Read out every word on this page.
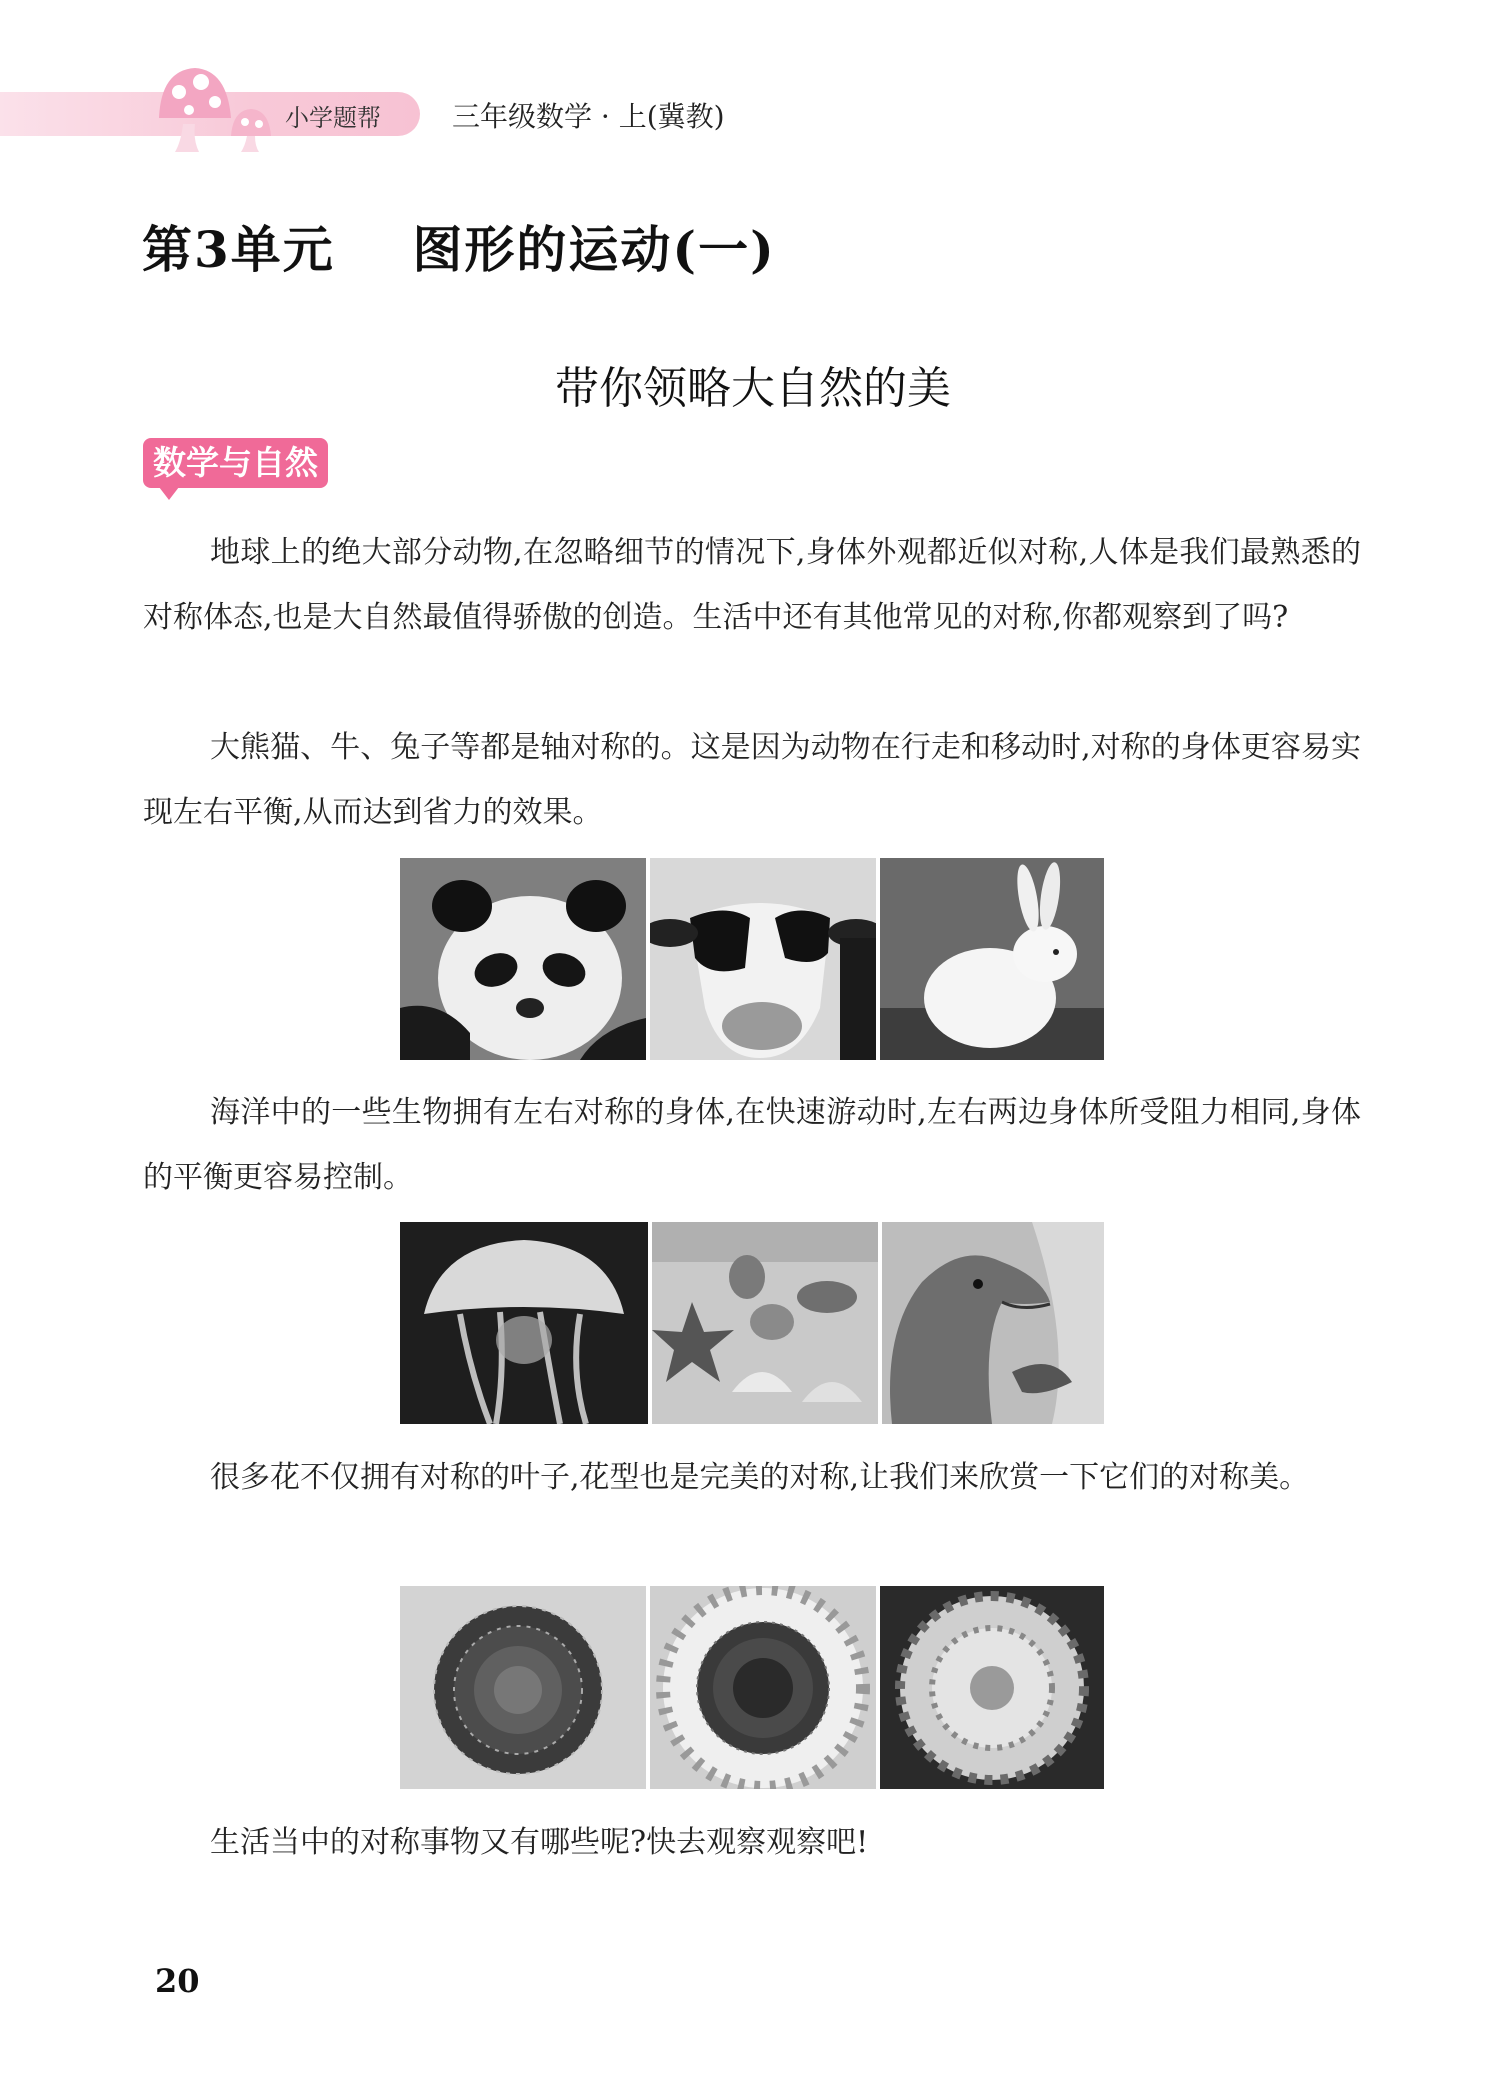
小学题帮	三年级数学 · 上(冀教)
第3单元    图形的运动(一)
带你领略大自然的美
数学与自然

地球上的绝大部分动物,在忽略细节的情况下,身体外观都近似对称,人体是我们最熟悉的对称体态,也是大自然最值得骄傲的创造。生活中还有其他常见的对称,你都观察到了吗?

大熊猫、牛、兔子等都是轴对称的。这是因为动物在行走和移动时,对称的身体更容易实现左右平衡,从而达到省力的效果。

海洋中的一些生物拥有左右对称的身体,在快速游动时,左右两边身体所受阻力相同,身体的平衡更容易控制。

很多花不仅拥有对称的叶子,花型也是完美的对称,让我们来欣赏一下它们的对称美。

生活当中的对称事物又有哪些呢?快去观察观察吧!

20
